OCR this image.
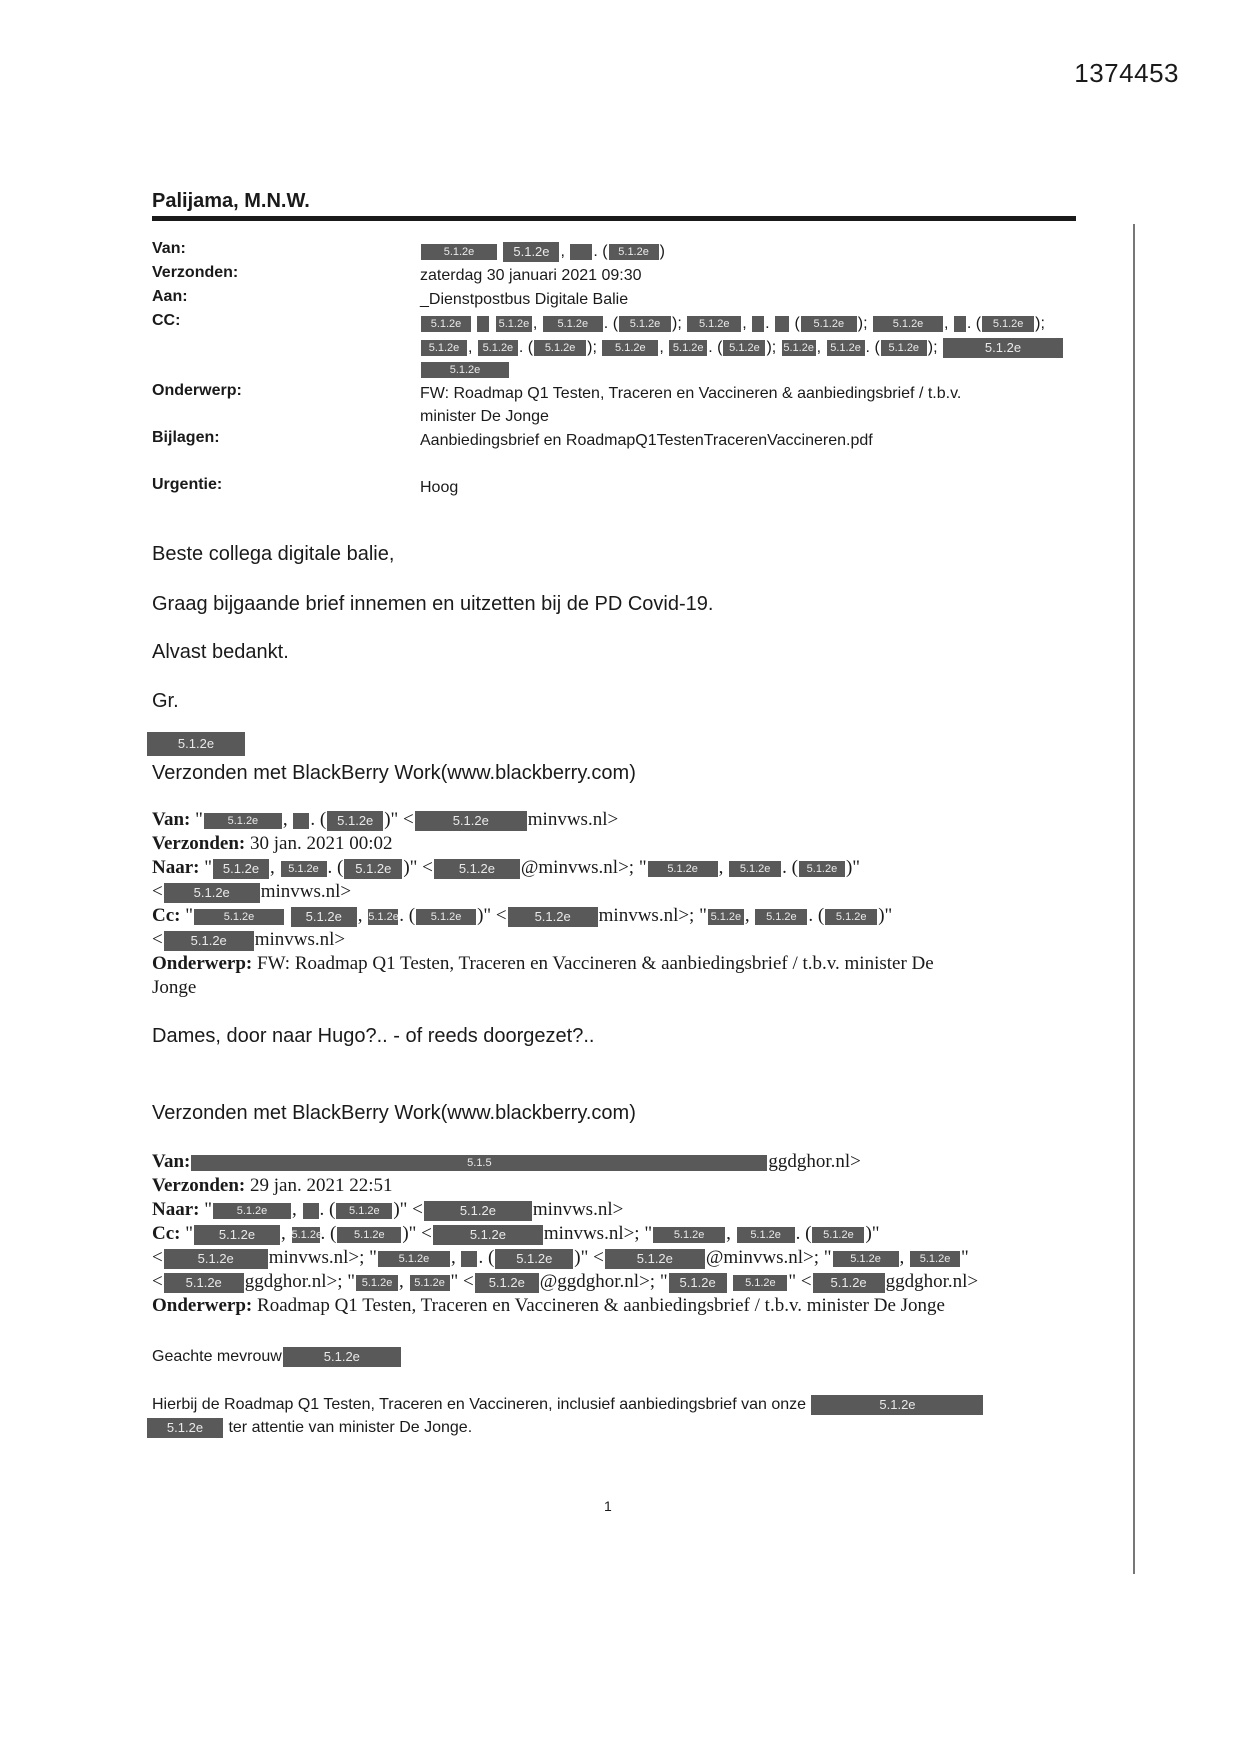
1374453
Palijama, M.N.W.
Van:	5.1.2e	5.1.2e , . ( 5.1.2e )
Verzonden:	zaterdag 30 januari 2021 09:30
Aan:	_Dienstpostbus Digitale Balie
CC:	5.1.2e	5.1.2e , 5.1.2e . ( 5.1.2e ); 5.1.2e , .  ( 5.1.2e ); 5.1.2e , . ( 5.1.2e );
5.1.2e , 5.1.2e . ( 5.1.2e ); 5.1.2e , 5.1.2e . ( 5.1.2e ); 5.1.2e , 5.1.2e . ( 5.1.2e );	5.1.2e
5.1.2e
Onderwerp:	FW: Roadmap Q1 Testen, Traceren en Vaccineren & aanbiedingsbrief / t.b.v.
minister De Jonge
Bijlagen:	Aanbiedingsbrief en RoadmapQ1TestenTracerenVaccineren.pdf
Urgentie:	Hoog
Beste collega digitale balie,
Graag bijgaande brief innemen en uitzetten bij de PD Covid-19.
Alvast bedankt.
Gr.
5.1.2e
Verzonden met BlackBerry Work(www.blackberry.com)
Van: " 5.1.2e , . ( 5.1.2e )" <	5.1.2e minvws.nl>
Verzonden: 30 jan. 2021 00:02
Naar: " 5.1.2e , 5.1.2e . ( 5.1.2e )" < 5.1.2e @minvws.nl>; " 5.1.2e , 5.1.2e . ( 5.1.2e )"
< 5.1.2e minvws.nl>
Cc: "	5.1.2e	5.1.2e , 5.1.2e. ( 5.1.2e )" < 5.1.2e minvws.nl>; " 5.1.2e , 5.1.2e . ( 5.1.2e )"
< 5.1.2e minvws.nl>
Onderwerp: FW: Roadmap Q1 Testen, Traceren en Vaccineren & aanbiedingsbrief / t.b.v. minister De
Jonge
Dames, door naar Hugo?.. - of reeds doorgezet?..
Verzonden met BlackBerry Work(www.blackberry.com)
Van:	5.1.5	ggdghor.nl>
Verzonden: 29 jan. 2021 22:51
Naar: " 5.1.2e , . ( 5.1.2e )" <	5.1.2e minvws.nl>
Cc: " 5.1.2e , 5.1.2e. ( 5.1.2e )" <	5.1.2e minvws.nl>; " 5.1.2e , 5.1.2e . ( 5.1.2e )"
<	5.1.2e minvws.nl>; " 5.1.2e , . ( 5.1.2e )" <	5.1.2e @minvws.nl>; " 5.1.2e , 5.1.2e "
< 5.1.2e ggdghor.nl>; " 5.1.2e , 5.1.2e " < 5.1.2e @ggdghor.nl>; " 5.1.2e	5.1.2e " < 5.1.2e ggdghor.nl>
Onderwerp: Roadmap Q1 Testen, Traceren en Vaccineren & aanbiedingsbrief / t.b.v. minister De Jonge
Geachte mevrouw	5.1.2e
Hierbij de Roadmap Q1 Testen, Traceren en Vaccineren, inclusief aanbiedingsbrief van onze	5.1.2e
5.1.2e ter attentie van minister De Jonge.
1
